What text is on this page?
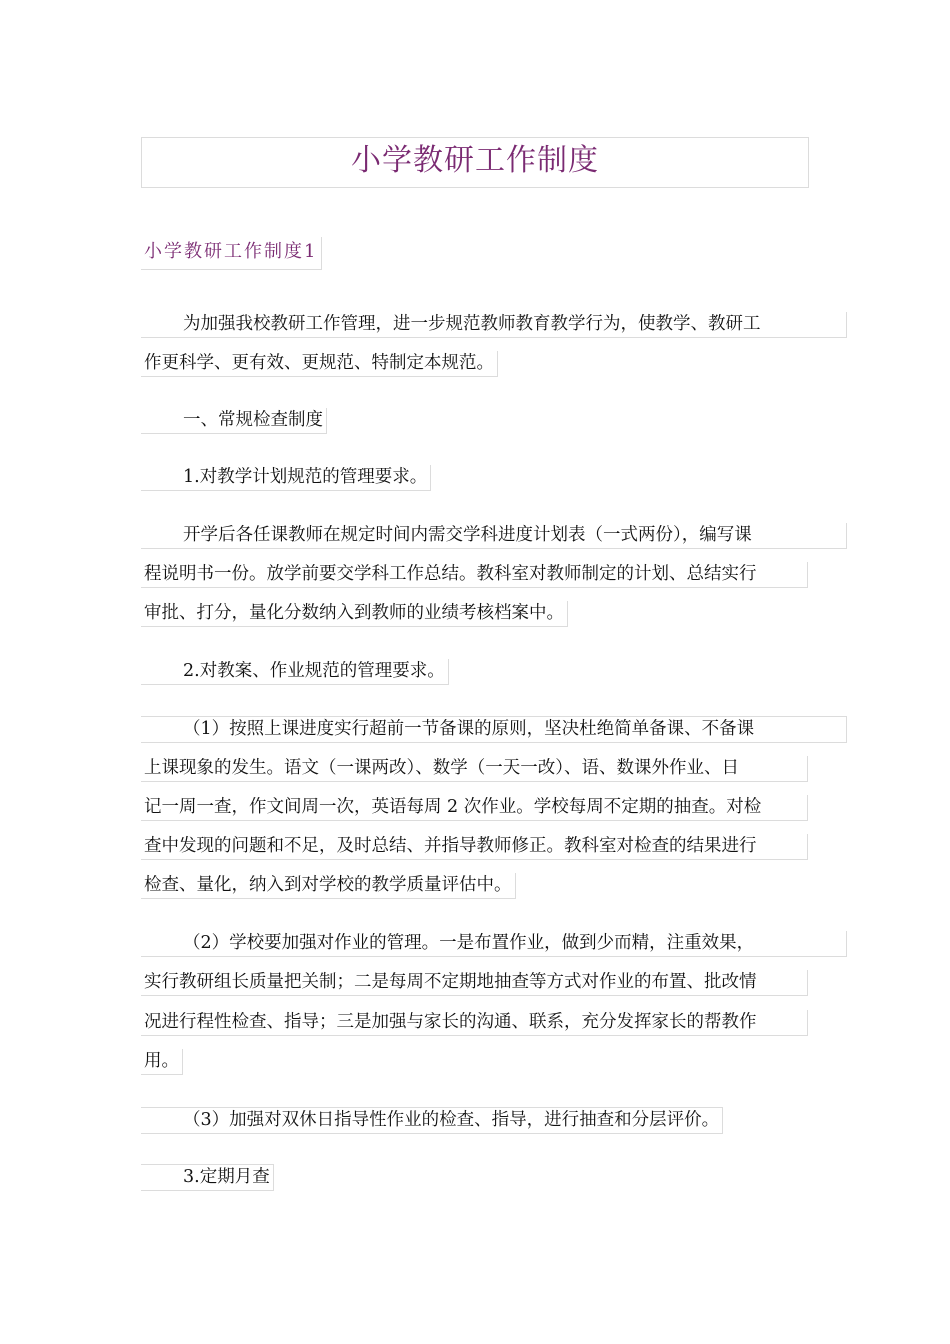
小学教研工作制度
小学教研工作制度1
为加强我校教研工作管理，进一步规范教师教育教学行为，使教学、教研工
作更科学、更有效、更规范、特制定本规范。
一、常规检查制度
1.对教学计划规范的管理要求。
开学后各任课教师在规定时间内需交学科进度计划表（一式两份），编写课
程说明书一份。放学前要交学科工作总结。教科室对教师制定的计划、总结实行
审批、打分，量化分数纳入到教师的业绩考核档案中。
2.对教案、作业规范的管理要求。
（1）按照上课进度实行超前一节备课的原则，坚决杜绝简单备课、不备课
上课现象的发生。语文（一课两改）、数学（一天一改）、语、数课外作业、日
记一周一查，作文间周一次，英语每周 2 次作业。学校每周不定期的抽查。对检
查中发现的问题和不足，及时总结、并指导教师修正。教科室对检查的结果进行
检查、量化，纳入到对学校的教学质量评估中。
（2）学校要加强对作业的管理。一是布置作业，做到少而精，注重效果，
实行教研组长质量把关制；二是每周不定期地抽查等方式对作业的布置、批改情
况进行程性检查、指导；三是加强与家长的沟通、联系，充分发挥家长的帮教作
用。
（3）加强对双休日指导性作业的检查、指导，进行抽查和分层评价。
3.定期月查
